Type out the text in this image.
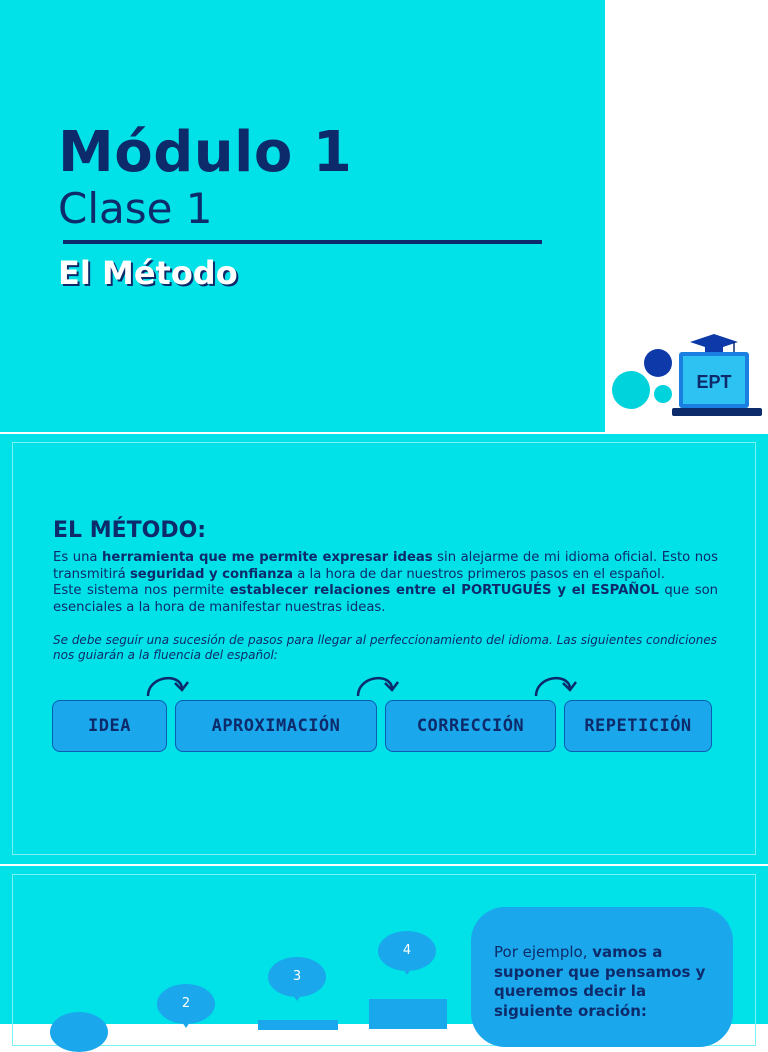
Módulo 1
Clase 1
El Método
EPT
EL MÉTODO:

Es una herramienta que me permite expresar ideas sin alejarme de mi idioma oficial. Esto nos transmitirá seguridad y confianza a la hora de dar nuestros primeros pasos en el español.
Este sistema nos permite establecer relaciones entre el PORTUGUÉS y el ESPAÑOL que son esenciales a la hora de manifestar nuestras ideas.

Se debe seguir una sucesión de pasos para llegar al perfeccionamiento del idioma. Las siguientes condiciones nos guiarán a la fluencia del español:

IDEA	APROXIMACIÓN	CORRECCIÓN	REPETICIÓN
2
3
4	Por ejemplo, vamos a suponer que pensamos y queremos decir la siguiente oración:
